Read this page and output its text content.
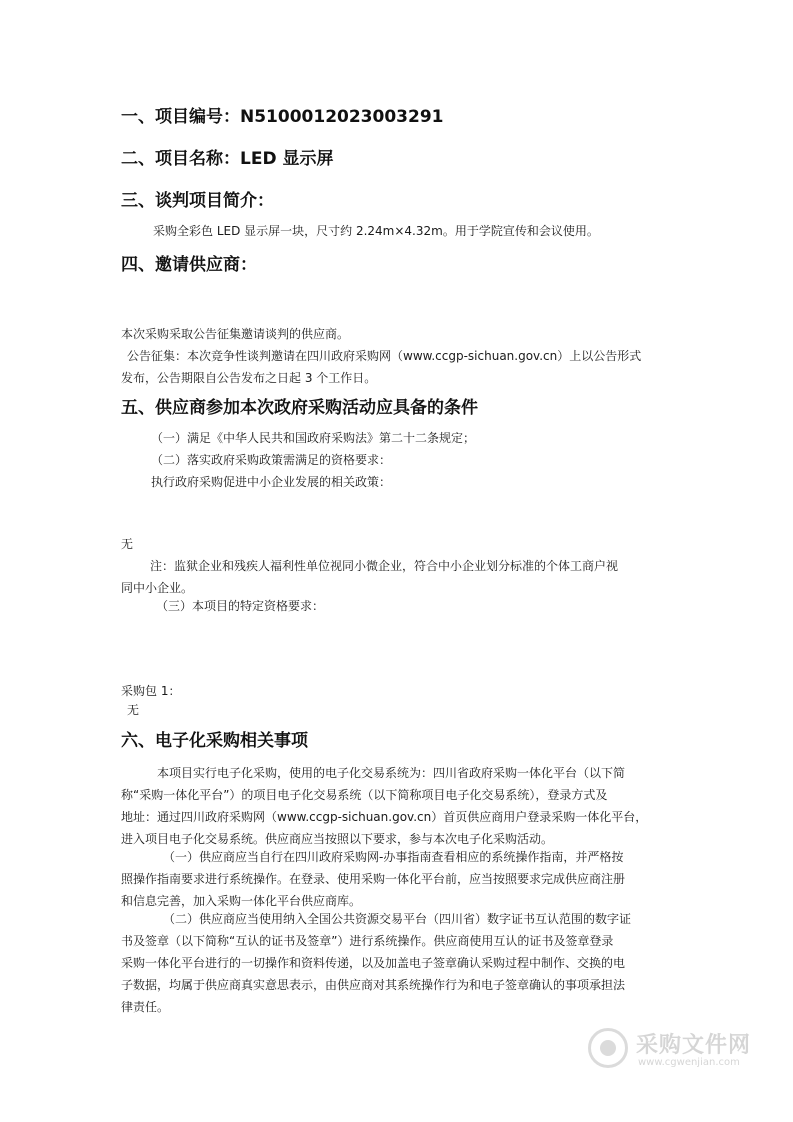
一、项目编号：N5100012023003291
二、项目名称：LED 显示屏
三、谈判项目简介：
采购全彩色 LED 显示屏一块，尺寸约 2.24m×4.32m。用于学院宣传和会议使用。
四、邀请供应商：
本次采购采取公告征集邀请谈判的供应商。
公告征集：本次竞争性谈判邀请在四川政府采购网（www.ccgp-sichuan.gov.cn）上以公告形式
发布，公告期限自公告发布之日起 3 个工作日。
五、供应商参加本次政府采购活动应具备的条件
（一）满足《中华人民共和国政府采购法》第二十二条规定；
（二）落实政府采购政策需满足的资格要求：
执行政府采购促进中小企业发展的相关政策：
无
注：监狱企业和残疾人福利性单位视同小微企业，符合中小企业划分标准的个体工商户视
同中小企业。
（三）本项目的特定资格要求：
采购包 1：
无
六、电子化采购相关事项
本项目实行电子化采购，使用的电子化交易系统为：四川省政府采购一体化平台（以下简
称“采购一体化平台”）的项目电子化交易系统（以下简称项目电子化交易系统），登录方式及
地址：通过四川政府采购网（www.ccgp-sichuan.gov.cn）首页供应商用户登录采购一体化平台，
进入项目电子化交易系统。供应商应当按照以下要求，参与本次电子化采购活动。
（一）供应商应当自行在四川政府采购网-办事指南查看相应的系统操作指南，并严格按
照操作指南要求进行系统操作。在登录、使用采购一体化平台前，应当按照要求完成供应商注册
和信息完善，加入采购一体化平台供应商库。
（二）供应商应当使用纳入全国公共资源交易平台（四川省）数字证书互认范围的数字证
书及签章（以下简称“互认的证书及签章”）进行系统操作。供应商使用互认的证书及签章登录
采购一体化平台进行的一切操作和资料传递，以及加盖电子签章确认采购过程中制作、交换的电
子数据，均属于供应商真实意思表示，由供应商对其系统操作行为和电子签章确认的事项承担法
律责任。
采购文件网
www.cgwenjian.com
